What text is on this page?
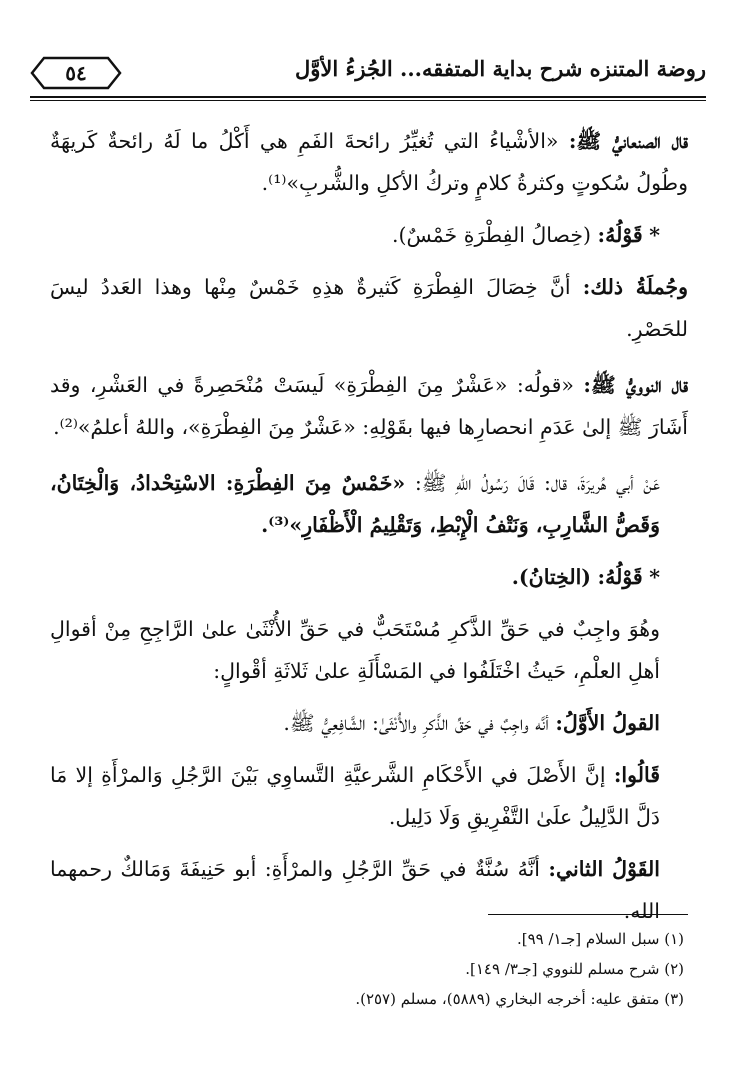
٥٤	روضة المتنزه شرح بداية المتفقه... الجُزءُ الأوَّل

قال الصنعانيُّ ﷺ: «الأشْياءُ التي تُغيِّرُ رائحةَ الفَمِ هي أَكْلُ ما لَهُ رائحةٌ كَريهَةٌ وطُولُ سُكوتٍ وكثرةُ كلامٍ وتركُ الأكلِ والشُّربِ»⁽¹⁾.

* قَوْلُهُ: (خِصالُ الفِطْرَةِ خَمْسٌ).

وجُملَةُ ذلك: أنَّ خِصَالَ الفِطْرَةِ كَثيرةٌ هذِهِ خَمْسٌ مِنْها وهذا العَددُ ليسَ للحَصْرِ.

قال النوويُّ ﷺ: «قولُه: «عَشْرٌ مِنَ الفِطْرَةِ» لَيسَتْ مُنْحَصِرةً في العَشْرِ، وقد أَشَارَ ﷺ إلىٰ عَدَمِ انحصارِها فيها بقَوْلِهِ: «عَشْرٌ مِنَ الفِطْرَةِ»، واللهُ أعلمُ»⁽²⁾.

عَنْ أبي هُريرَةَ، قال: قَالَ رَسُولُ اللهِ ﷺ: «خَمْسٌ مِنَ الفِطْرَةِ: الاسْتِحْدادُ، وَالْخِتَانُ، وَقَصُّ الشَّارِبِ، وَنَتْفُ الْإِبْطِ، وَتَقْلِيمُ الْأَظْفَارِ»⁽³⁾.

* قَوْلُهُ: (الخِتانُ).

وهُوَ واجِبٌ في حَقِّ الذَّكرِ مُسْتَحَبٌّ في حَقِّ الأُنْثَىٰ علىٰ الرَّاجِحِ مِنْ أقوالِ أهلِ العلْمِ، حَيثُ اخْتَلَفُوا في المَسْأَلَةِ علىٰ ثَلاثَةِ أقْوالٍ:

القولُ الأَوَّلُ: أنَّه واجِبٌ في حَقِّ الذَّكرِ والأُنْثَىٰ: الشَّافِعِيُّ ﷺ.

قَالُوا: إنَّ الأَصْلَ في الأَحْكَامِ الشَّرعيَّةِ التَّساوِي بَيْنَ الرَّجُلِ وَالمرْأَةِ إلا مَا دَلَّ الدَّلِيلُ علَىٰ التَّفْرِيقِ وَلَا دَلِيل.

القَوْلُ الثاني: أنَّهُ سُنَّةٌ في حَقِّ الرَّجُلِ والمرْأَةِ: أبو حَنِيفَةَ وَمَالكٌ رحمهما الله.

(١) سبل السلام [جـ١/ ٩٩].
(٢) شرح مسلم للنووي [جـ٣/ ١٤٩].
(٣) متفق عليه: أخرجه البخاري (٥٨٨٩)، مسلم (٢٥٧).
